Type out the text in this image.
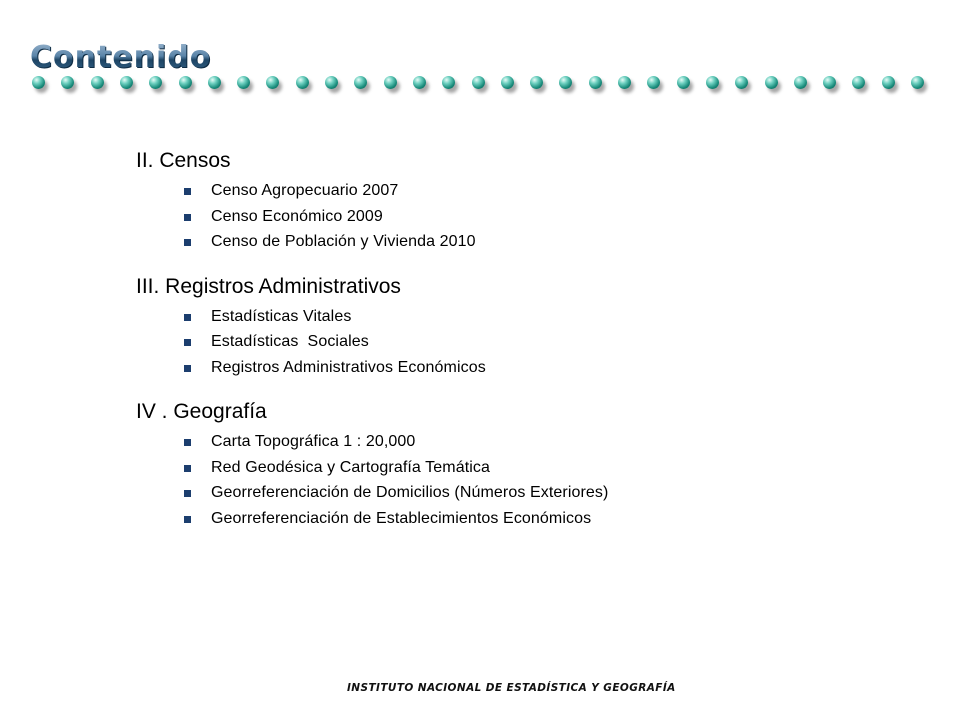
Contenido
II. Censos
Censo Agropecuario 2007
Censo Económico 2009
Censo de Población y Vivienda 2010
III. Registros Administrativos
Estadísticas Vitales
Estadísticas  Sociales
Registros Administrativos Económicos
IV . Geografía
Carta Topográfica 1 : 20,000
Red Geodésica y Cartografía Temática
Georreferenciación de Domicilios (Números Exteriores)
Georreferenciación de Establecimientos Económicos
INSTITUTO NACIONAL DE ESTADÍSTICA Y GEOGRAFÍA
